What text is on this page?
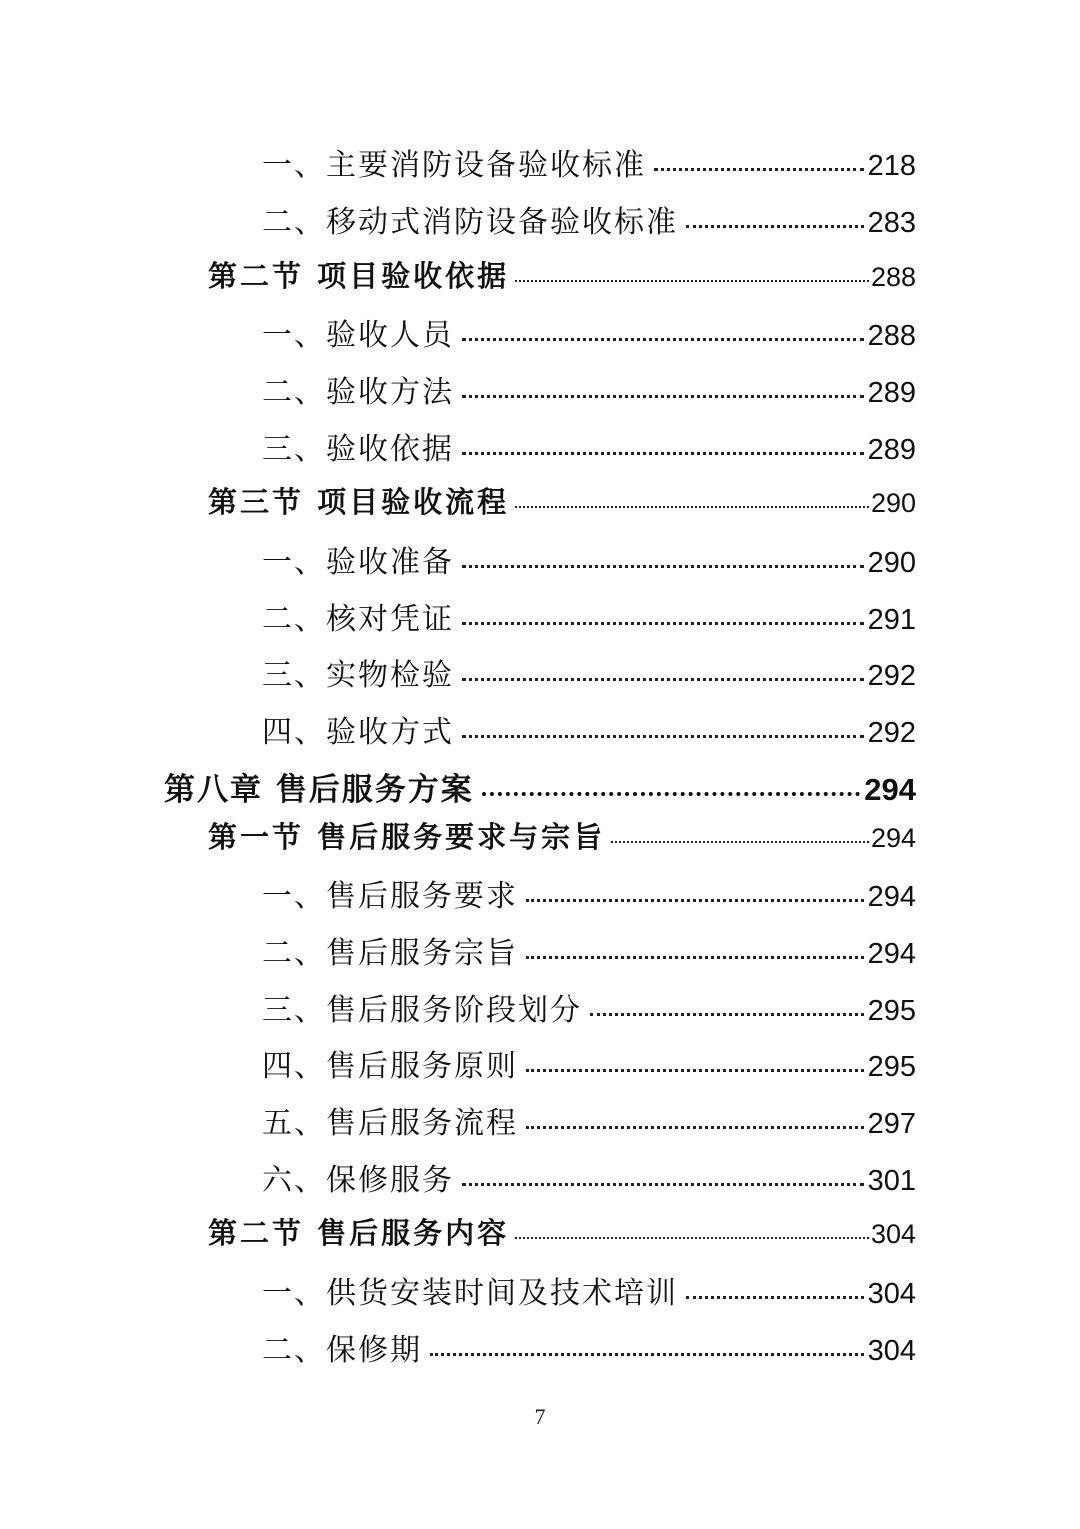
一、主要消防设备验收标准	218
二、移动式消防设备验收标准	283
第二节 项目验收依据	288
一、验收人员	288
二、验收方法	289
三、验收依据	289
第三节 项目验收流程	290
一、验收准备	290
二、核对凭证	291
三、实物检验	292
四、验收方式	292
第八章 售后服务方案	294
第一节 售后服务要求与宗旨	294
一、售后服务要求	294
二、售后服务宗旨	294
三、售后服务阶段划分	295
四、售后服务原则	295
五、售后服务流程	297
六、保修服务	301
第二节 售后服务内容	304
一、供货安装时间及技术培训	304
二、保修期	304
7
